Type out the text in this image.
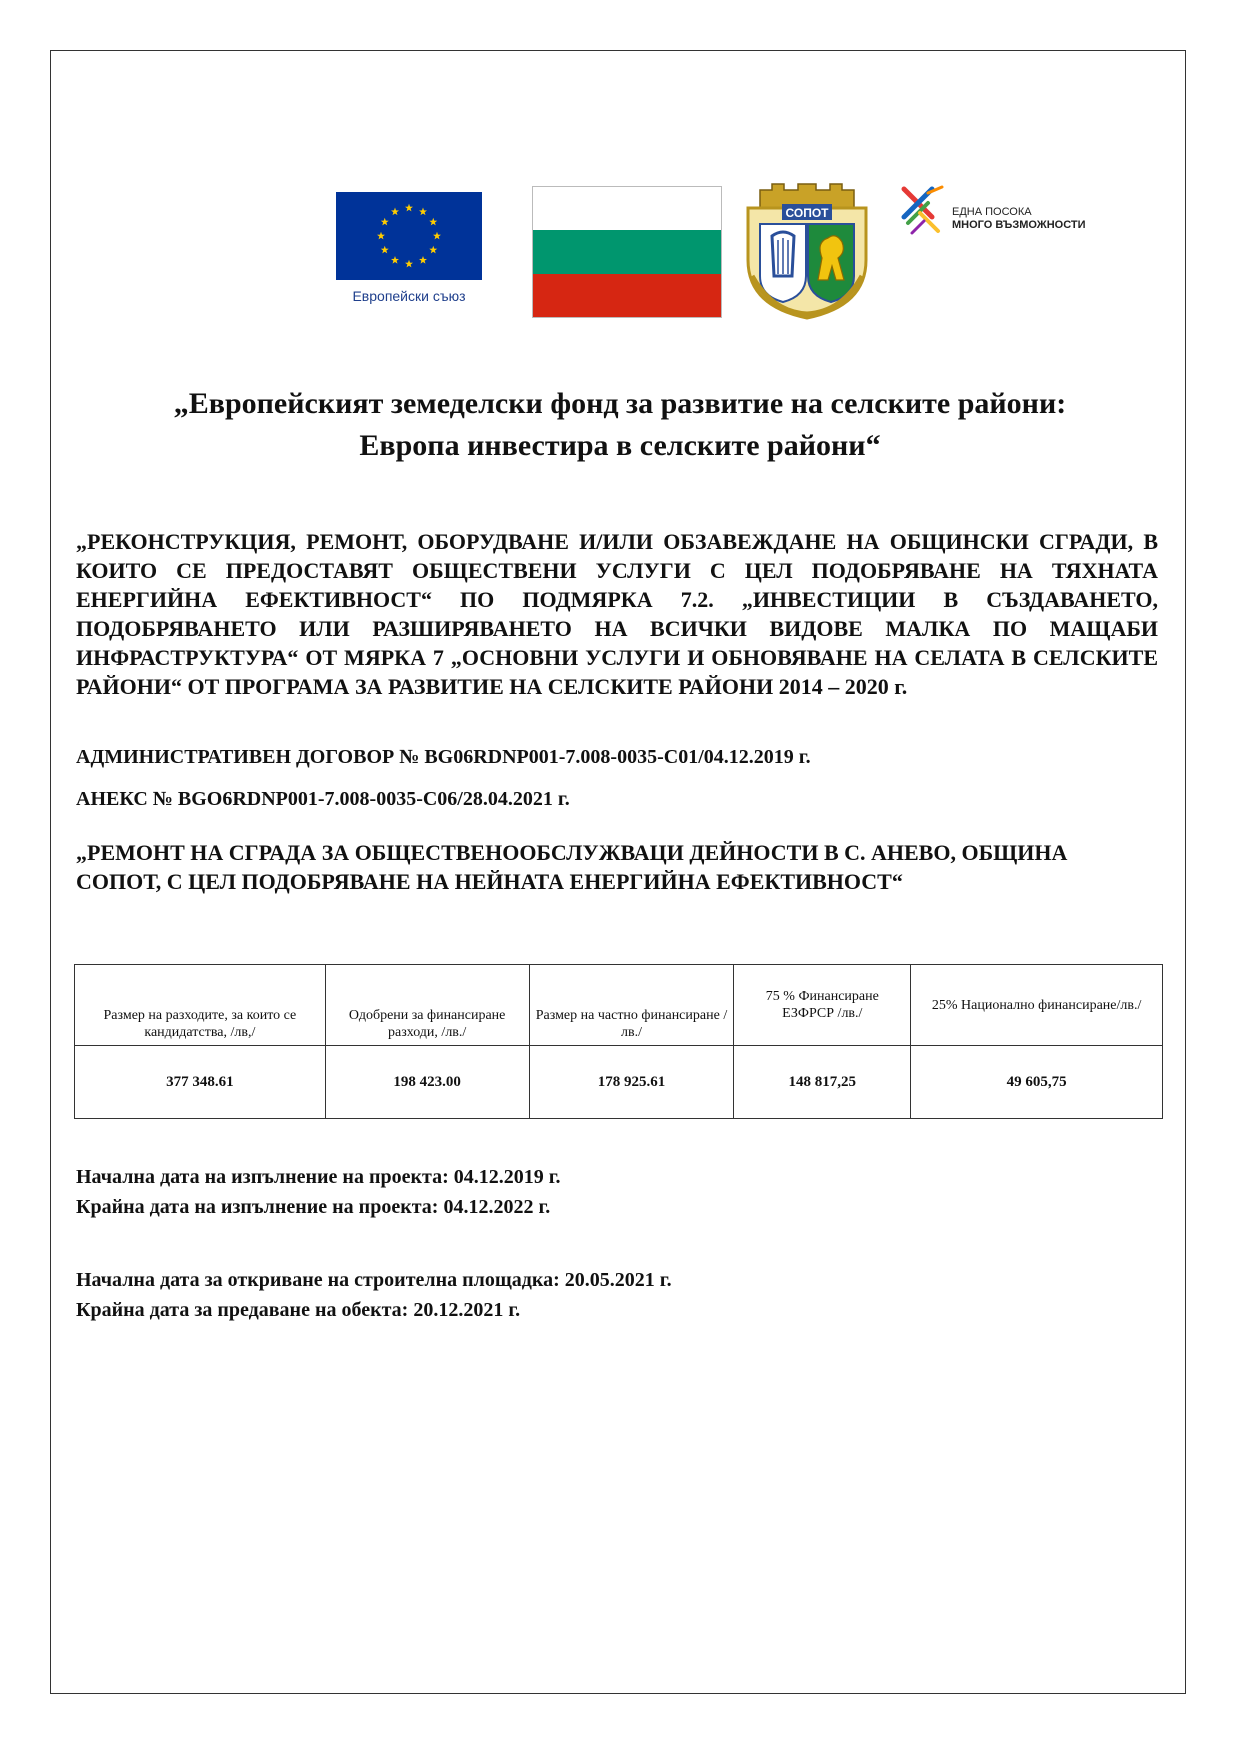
Европейски съюз
СОПОТ	ЕДНА ПОСОКА
МНОГО ВЪЗМОЖНОСТИ
„Европейският земеделски фонд за развитие на селските райони:
Европа инвестира в селските райони“

„РЕКОНСТРУКЦИЯ, РЕМОНТ, ОБОРУДВАНЕ И/ИЛИ ОБЗАВЕЖДАНЕ НА ОБЩИНСКИ СГРАДИ, В КОИТО СЕ ПРЕДОСТАВЯТ ОБЩЕСТВЕНИ УСЛУГИ С ЦЕЛ ПОДОБРЯВАНЕ НА ТЯХНАТА ЕНЕРГИЙНА ЕФЕКТИВНОСТ“ ПО ПОДМЯРКА 7.2. „ИНВЕСТИЦИИ В СЪЗДАВАНЕТО, ПОДОБРЯВАНЕТО ИЛИ РАЗШИРЯВАНЕТО НА ВСИЧКИ ВИДОВЕ МАЛКА ПО МАЩАБИ ИНФРАСТРУКТУРА“ ОТ МЯРКА 7 „ОСНОВНИ УСЛУГИ И ОБНОВЯВАНЕ НА СЕЛАТА В СЕЛСКИТЕ РАЙОНИ“ ОТ ПРОГРАМА ЗА РАЗВИТИЕ НА СЕЛСКИТЕ РАЙОНИ 2014 – 2020 г.

АДМИНИСТРАТИВЕН ДОГОВОР № BG06RDNP001-7.008-0035-C01/04.12.2019 г.

АНЕКС № BGO6RDNP001-7.008-0035-C06/28.04.2021 г.

„РЕМОНТ НА СГРАДА ЗА ОБЩЕСТВЕНООБСЛУЖВАЦИ ДЕЙНОСТИ В С. АНЕВО, ОБЩИНА СОПОТ, С ЦЕЛ ПОДОБРЯВАНЕ НА НЕЙНАТА ЕНЕРГИЙНА ЕФЕКТИВНОСТ“

Размер на разходите, за които се кандидатства, /лв,/	Одобрени за финансиране разходи, /лв./	Размер на частно финансиране /лв./	75 % Финансиране ЕЗФРСР /лв./	25% Национално финансиране/лв./
377 348.61	198 423.00	178 925.61	148 817,25	49 605,75
Начална дата на изпълнение на проекта: 04.12.2019 г.
Крайна дата на изпълнение на проекта: 04.12.2022 г.
Начална дата за откриване на строителна площадка: 20.05.2021 г.
Крайна дата за предаване на обекта: 20.12.2021 г.
